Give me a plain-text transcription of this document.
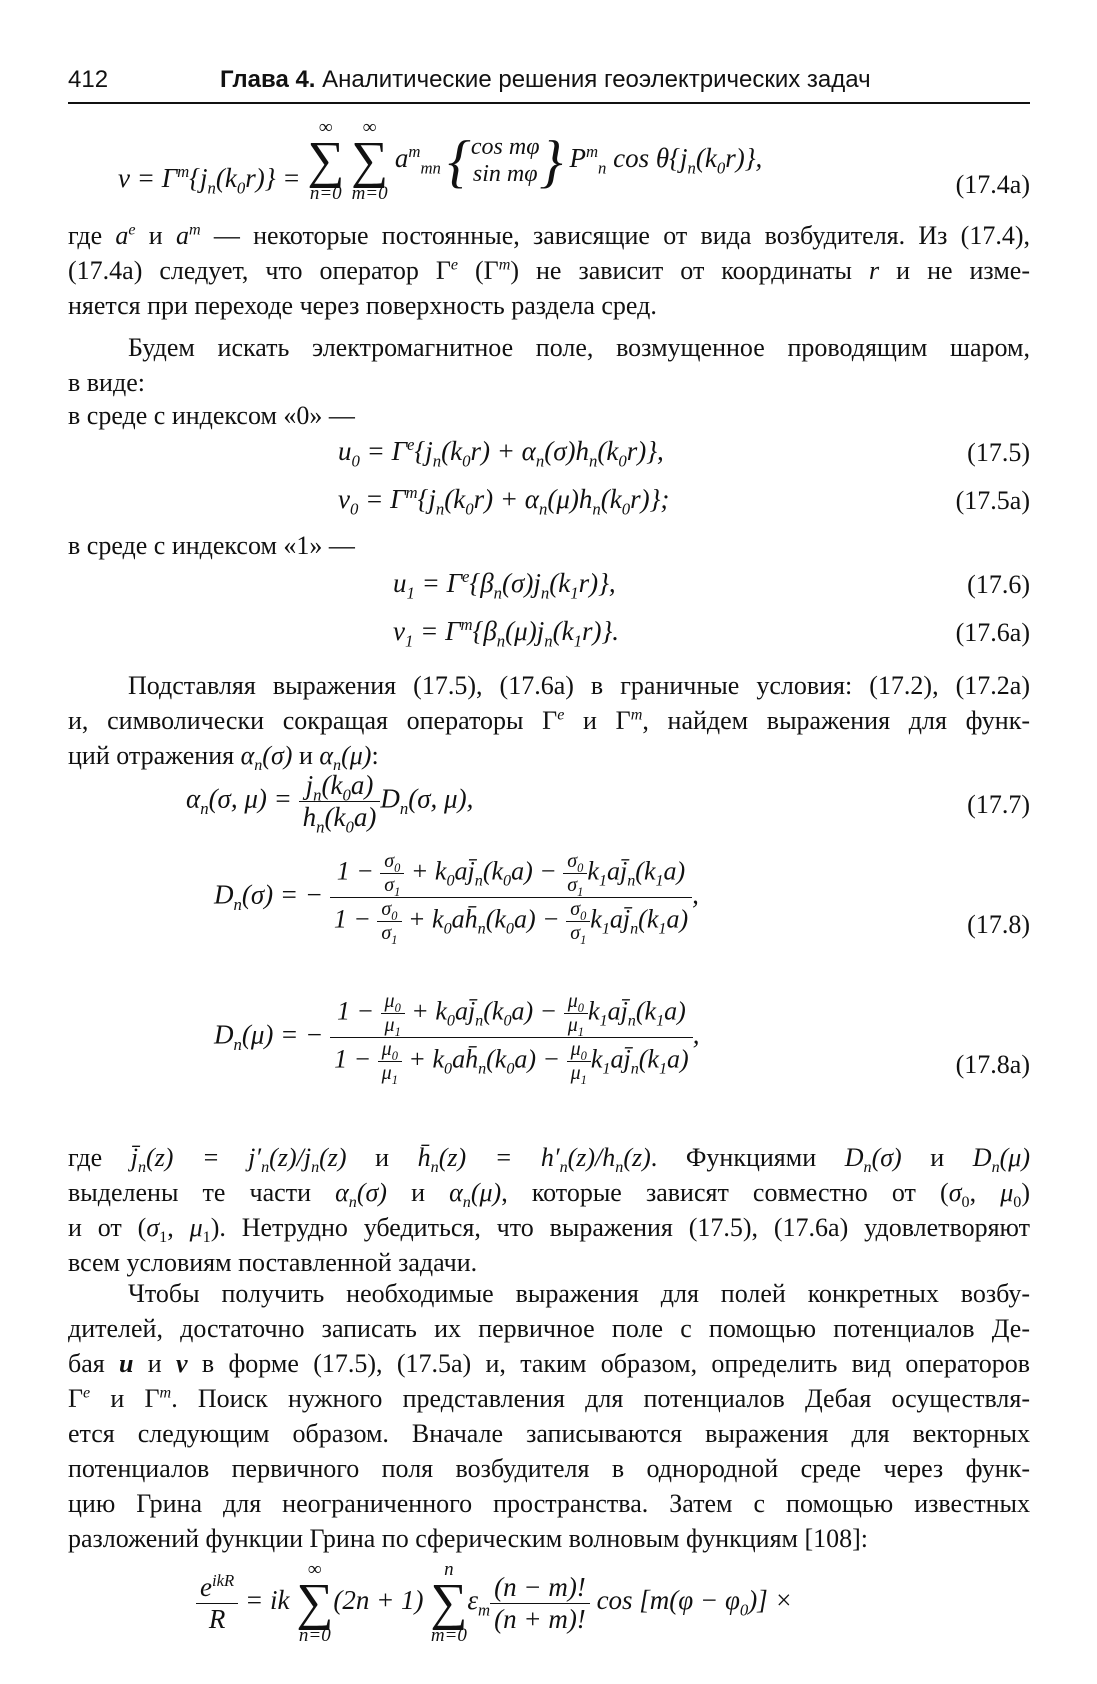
412	Глава 4. Аналитические решения геоэлектрических задач
$v = \Gamma^m\{j_n(k_0r)\}$ =
∞
∑
n=0

∞
∑
m=0
$a^m_{mn}$ { cos mφ
sin mφ } $P^m_n$ $\cos \theta\{j_n(k_0r)\}$,
(17.4a)
где $a^e$ и $a^m$ — некоторые постоянные, зависящие от вида возбудителя. Из (17.4),
(17.4a) следует, что оператор $\Gamma^e$ $(\Gamma^m)$ не зависит от координаты r и не изме-
няется при переходе через поверхность раздела сред.
Будем искать электромагнитное поле, возмущенное проводящим шаром,
в виде:
в среде с индексом «0» —
$u_0 = \Gamma^e\{j_n(k_0r) + \alpha_n(\sigma)h_n(k_0r)\}$,	(17.5)
$v_0 = \Gamma^m\{j_n(k_0r) + \alpha_n(\mu)h_n(k_0r)\}$;	(17.5a)
в среде с индексом «1» —
$u_1 = \Gamma^e\{\beta_n(\sigma)j_n(k_1r)\}$,	(17.6)
$v_1 = \Gamma^m\{\beta_n(\mu)j_n(k_1r)\}$.	(17.6a)
Подставляя выражения (17.5), (17.6a) в граничные условия: (17.2), (17.2a)
и, символически сокращая операторы $\Gamma^e$ и $\Gamma^m$, найдем выражения для функ-
ций отражения $\alpha_n(\sigma)$ и $\alpha_n(\mu)$:
$\alpha_n(\sigma$, $\mu) = \frac{j_n(k_0a)}{h_n(k_0a)} D_n(\sigma$, μ),	(17.7)
$D_n(\sigma)$ = − $\frac{1 - \frac{\sigma_0}{\sigma_1} + k_0aj̄_n(k_0a) - \frac{\sigma_0}{\sigma_1} k_1aj̄_n(k_1a)}{1 - \frac{\sigma_0}{\sigma_1} + k_0ah̄_n(k_0a) - \frac{\sigma_0}{\sigma_1} k_1aj̄_n(k_1a)}$ ,
(17.8)
$D_n(\mu)$ = − $\frac{1 - \frac{\mu_0}{\mu_1} + k_0aj̄_n(k_0a) - \frac{\mu_0}{\mu_1} k_1aj̄_n(k_1a)}{1 - \frac{\mu_0}{\mu_1} + k_0ah̄_n(k_0a) - \frac{\mu_0}{\mu_1} k_1aj̄_n(k_1a)}$ ,
(17.8a)
где $j̄_n(z) = j'_n(z)/j_n(z)$ и $h̄_n(z) = h'_n(z)/h_n(z)$. Функциями $D_n(\sigma)$ и $D_n(\mu)$
выделены те части $\alpha_n(\sigma)$ и $\alpha_n(\mu)$, которые зависят совместно от ($\sigma_0$, $\mu_0$)
и от ($\sigma_1$, $\mu_1$). Нетрудно убедиться, что выражения (17.5), (17.6a) удовлетворяют
всем условиям поставленной задачи.
Чтобы получить необходимые выражения для полей конкретных возбу-
дителей, достаточно записать их первичное поле с помощью потенциалов Де-
бая u и v в форме (17.5), (17.5a) и, таким образом, определить вид операторов
$\Gamma^e$ и $\Gamma^m$. Поиск нужного представления для потенциалов Дебая осуществля-
ется следующим образом. Вначале записываются выражения для векторных
потенциалов первичного поля возбудителя в однородной среде через функ-
цию Грина для неограниченного пространства. Затем с помощью известных
разложений функции Грина по сферическим волновым функциям [108]:
$\frac{e^{ikR}}{R}$ = ik
∞
∑
n=0
(2n + 1)
n
∑
m=0
$\varepsilon_m \frac{(n - m)!}{(n + m)!}$ $\cos [m(\varphi - \varphi_0)]$ ×
